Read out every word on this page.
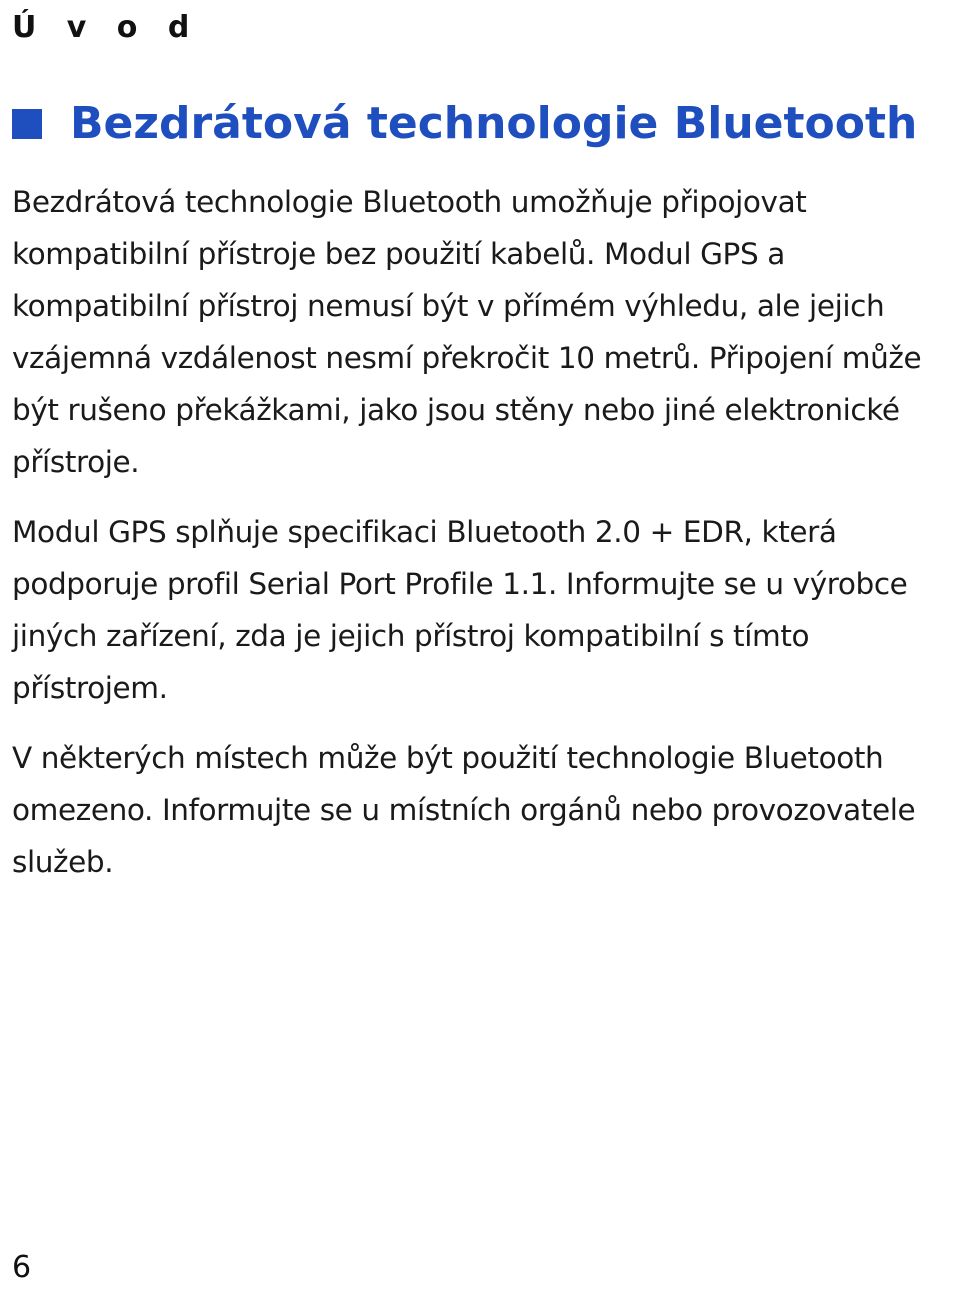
Ú v o d
Bezdrátová technologie Bluetooth

Bezdrátová technologie Bluetooth umožňuje připojovat kompatibilní přístroje bez použití kabelů. Modul GPS a kompatibilní přístroj nemusí být v přímém výhledu, ale jejich vzájemná vzdálenost nesmí překročit 10 metrů. Připojení může být rušeno překážkami, jako jsou stěny nebo jiné elektronické přístroje.

Modul GPS splňuje specifikaci Bluetooth 2.0 + EDR, která podporuje profil Serial Port Profile 1.1. Informujte se u výrobce jiných zařízení, zda je jejich přístroj kompatibilní s tímto přístrojem.

V některých místech může být použití technologie Bluetooth omezeno. Informujte se u místních orgánů nebo provozovatele služeb.

6
